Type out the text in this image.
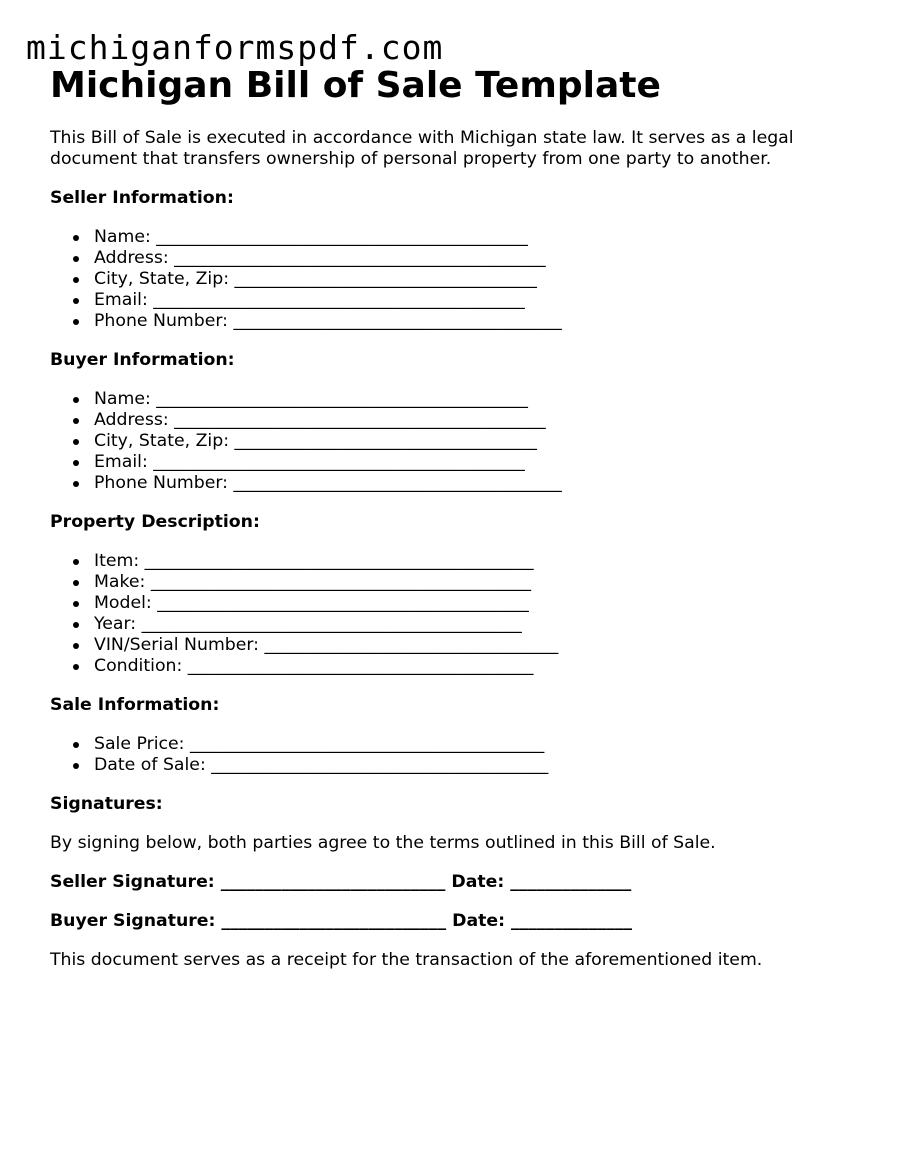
michiganformspdf.com
Michigan Bill of Sale Template

This Bill of Sale is executed in accordance with Michigan state law. It serves as a legal document that transfers ownership of personal property from one party to another.

Seller Information:
Name: ___________________________________________
Address: ___________________________________________
City, State, Zip: ___________________________________
Email: ___________________________________________
Phone Number: ______________________________________
Buyer Information:
Name: ___________________________________________
Address: ___________________________________________
City, State, Zip: ___________________________________
Email: ___________________________________________
Phone Number: ______________________________________
Property Description:
Item: _____________________________________________
Make: ____________________________________________
Model: ___________________________________________
Year: ____________________________________________
VIN/Serial Number: __________________________________
Condition: ________________________________________
Sale Information:
Sale Price: _________________________________________
Date of Sale: _______________________________________
Signatures:

By signing below, both parties agree to the terms outlined in this Bill of Sale.

Seller Signature: __________________________ Date: ______________

Buyer Signature: __________________________ Date: ______________

This document serves as a receipt for the transaction of the aforementioned item.
